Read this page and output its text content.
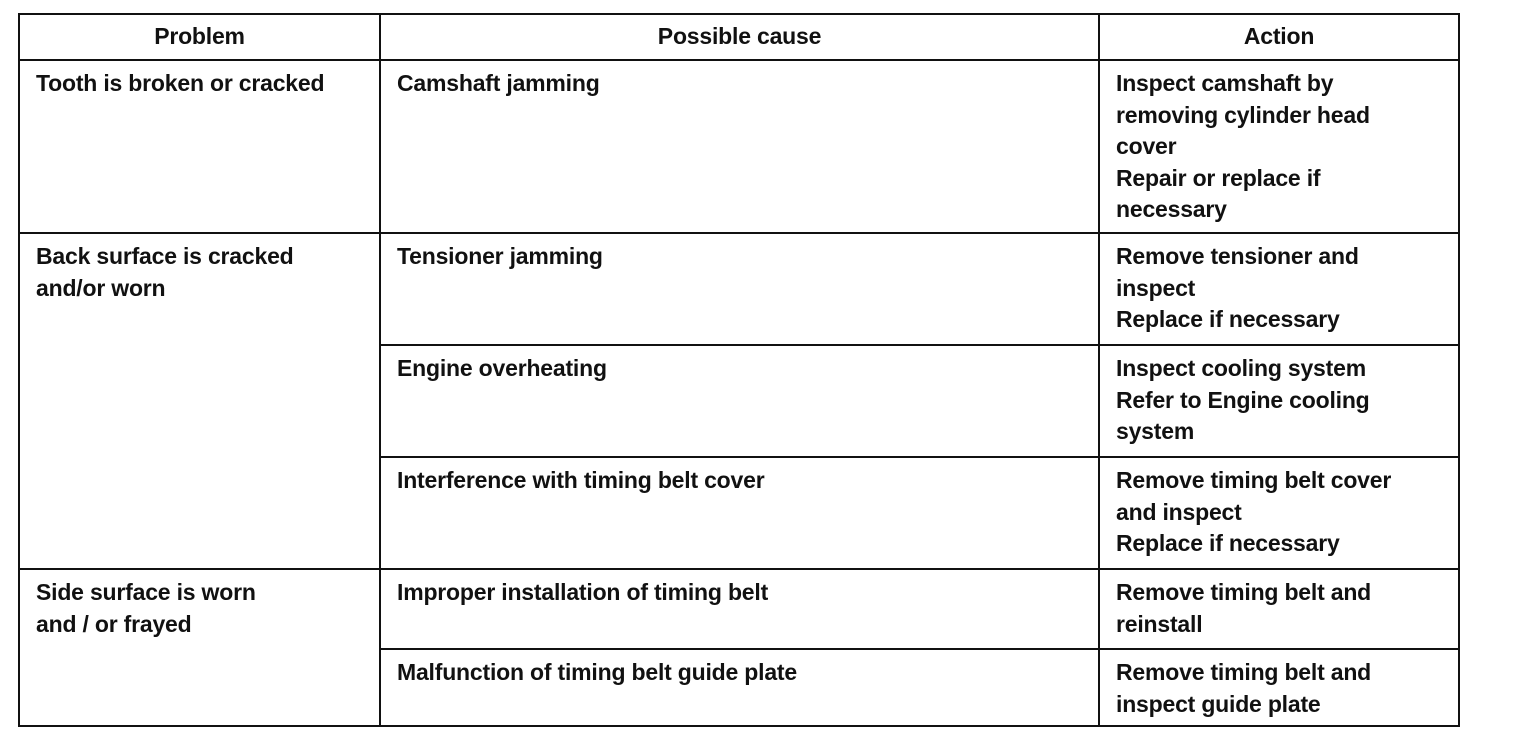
Problem	Possible cause	Action

Tooth is broken or cracked	Camshaft jamming	Inspect camshaft by
removing cylinder head
cover
Repair or replace if
necessary

Back surface is cracked
and/or worn	Tensioner jamming	Remove tensioner and
inspect
Replace if necessary

	Engine overheating	Inspect cooling system
Refer to Engine cooling
system

	Interference with timing belt cover	Remove timing belt cover
and inspect
Replace if necessary

Side surface is worn
and / or frayed	Improper installation of timing belt	Remove timing belt and
reinstall

	Malfunction of timing belt guide plate	Remove timing belt and
inspect guide plate
